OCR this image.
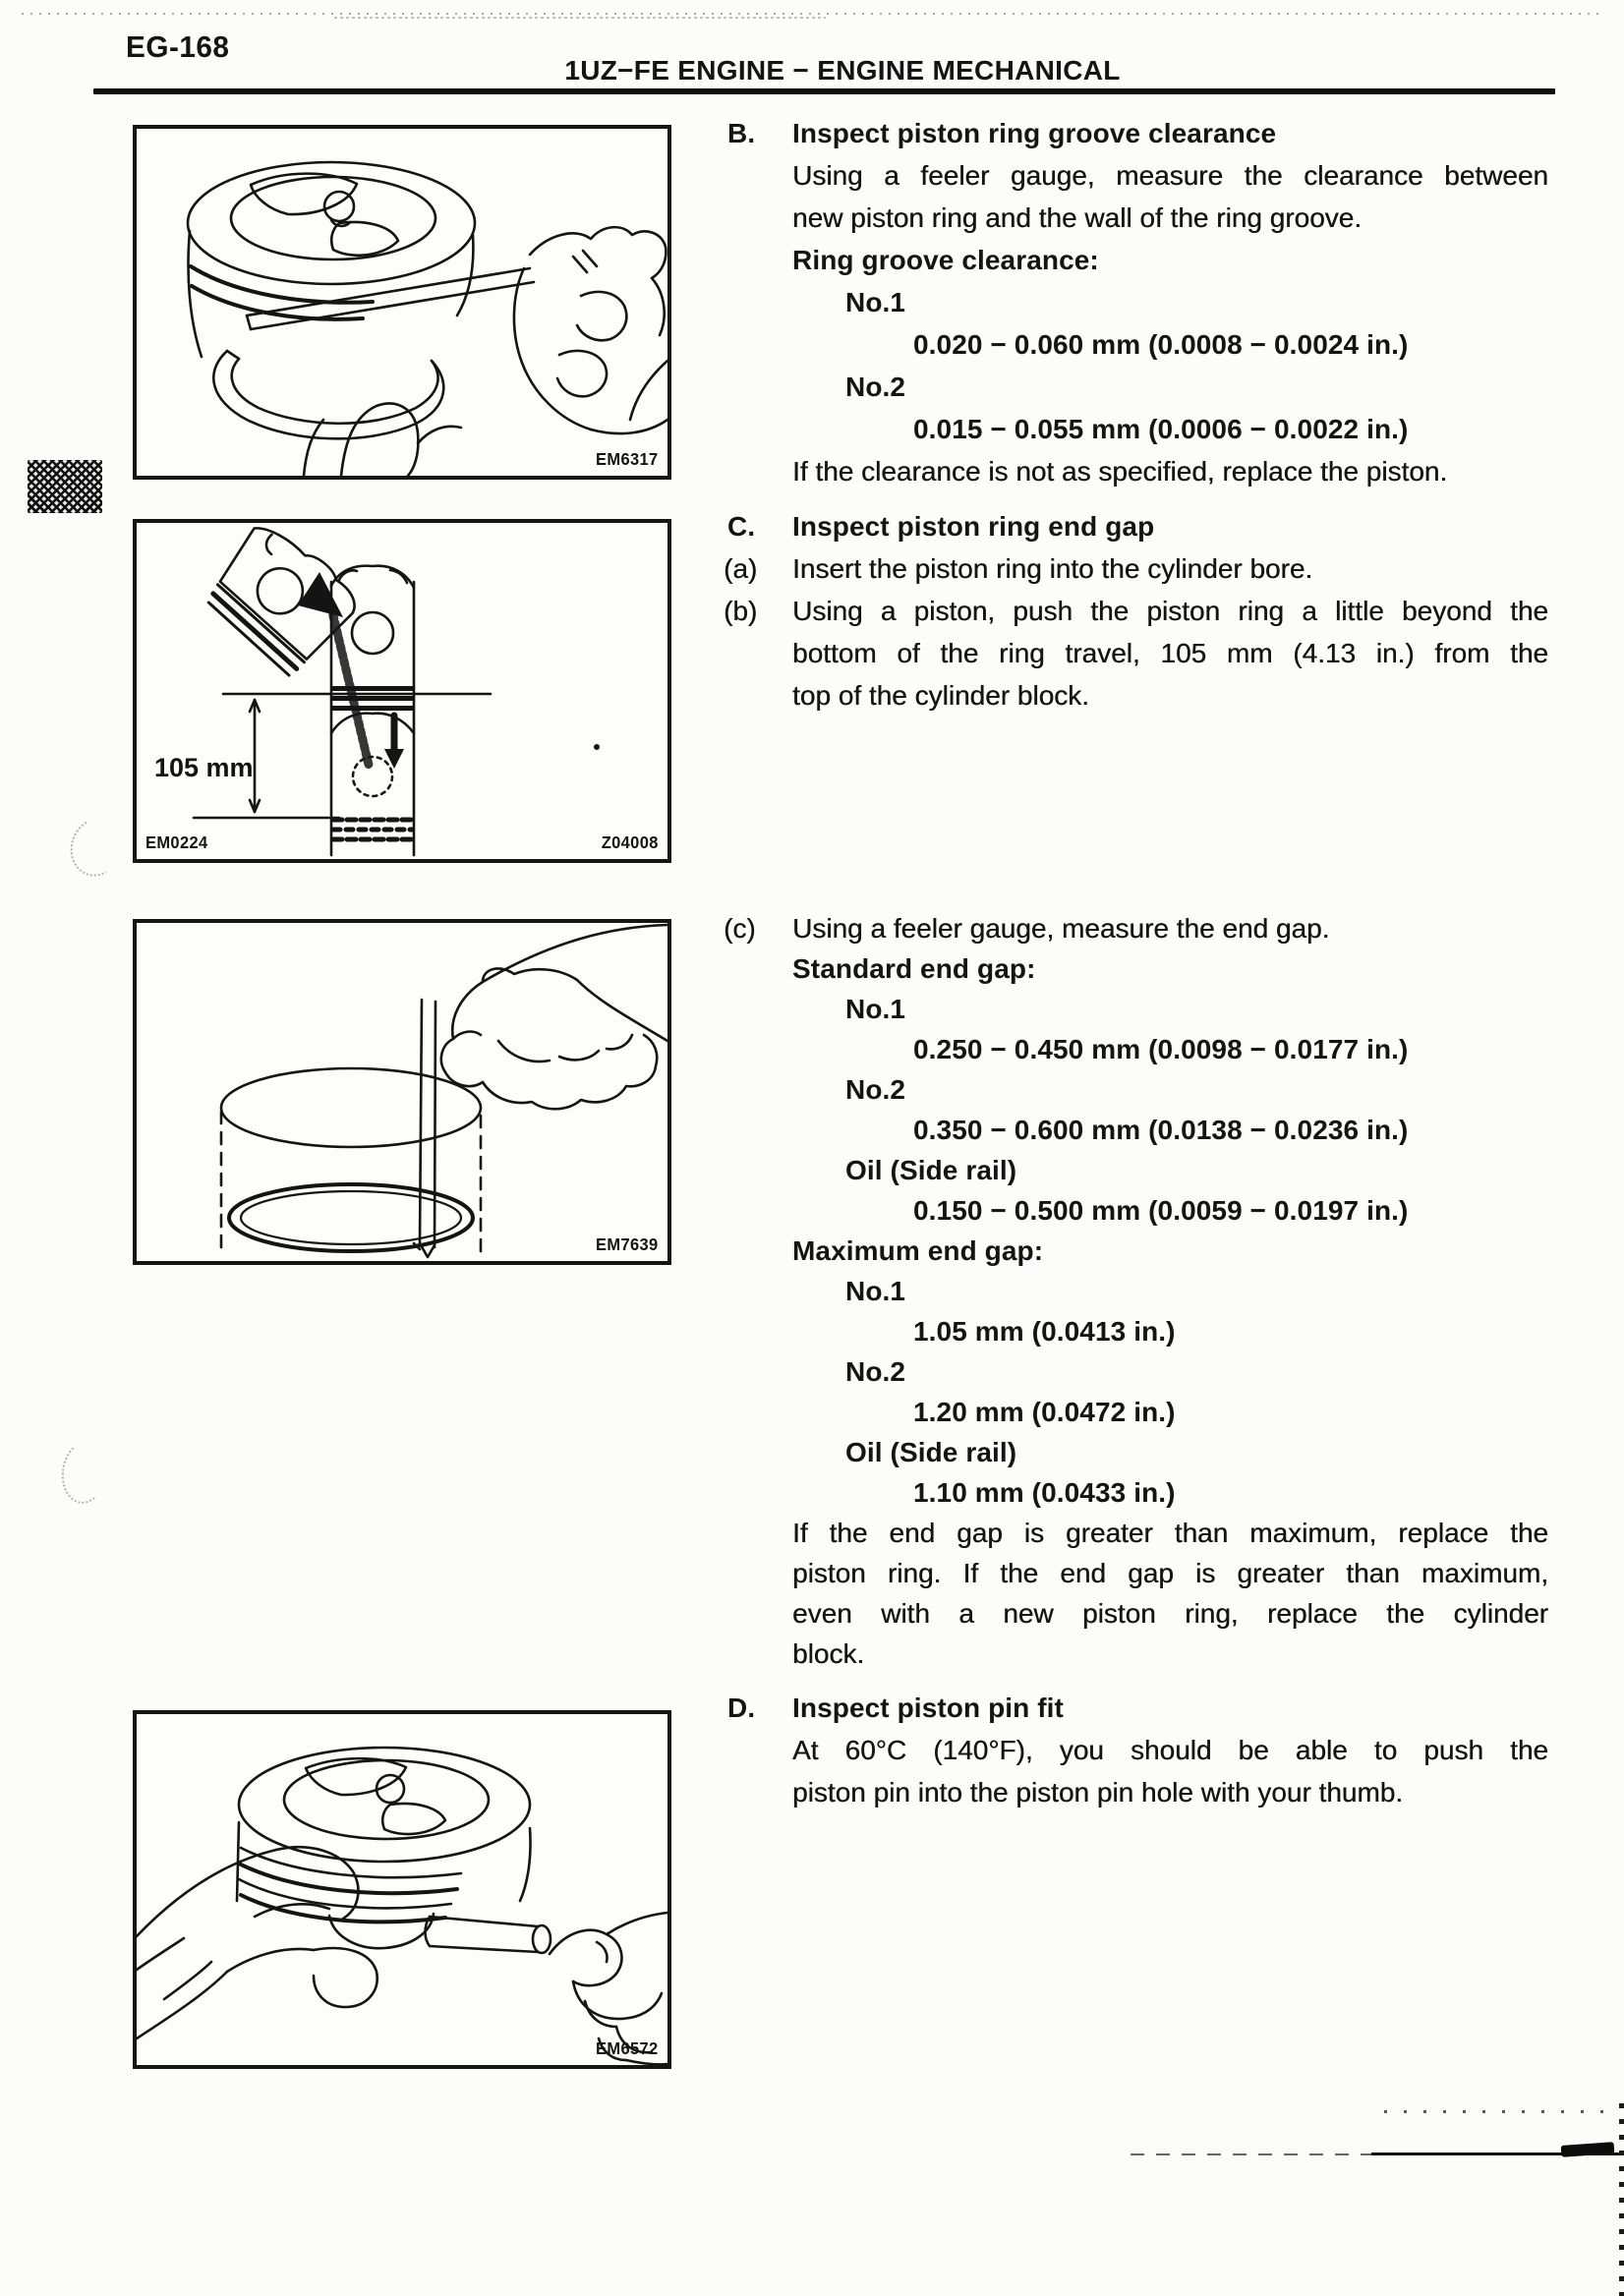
EG-168
1UZ−FE ENGINE − ENGINE MECHANICAL
EM6317
105 mm
EM0224	Z04008
EM7639
EM6572
B. Inspect piston ring groove clearance
Using a feeler gauge, measure the clearance between
new piston ring and the wall of the ring groove.
Ring groove clearance:
No.1
0.020 − 0.060 mm (0.0008 − 0.0024 in.)
No.2
0.015 − 0.055 mm (0.0006 − 0.0022 in.)
If the clearance is not as specified, replace the piston.
C. Inspect piston ring end gap
(a) Insert the piston ring into the cylinder bore.
(b) Using a piston, push the piston ring a little beyond the
bottom of the ring travel, 105 mm (4.13 in.) from the
top of the cylinder block.
(c) Using a feeler gauge, measure the end gap.
Standard end gap:
No.1
0.250 − 0.450 mm (0.0098 − 0.0177 in.)
No.2
0.350 − 0.600 mm (0.0138 − 0.0236 in.)
Oil (Side rail)
0.150 − 0.500 mm (0.0059 − 0.0197 in.)
Maximum end gap:
No.1
1.05 mm (0.0413 in.)
No.2
1.20 mm (0.0472 in.)
Oil (Side rail)
1.10 mm (0.0433 in.)
If the end gap is greater than maximum, replace the
piston ring. If the end gap is greater than maximum,
even with a new piston ring, replace the cylinder
block.
D. Inspect piston pin fit
At 60°C (140°F), you should be able to push the
piston pin into the piston pin hole with your thumb.
